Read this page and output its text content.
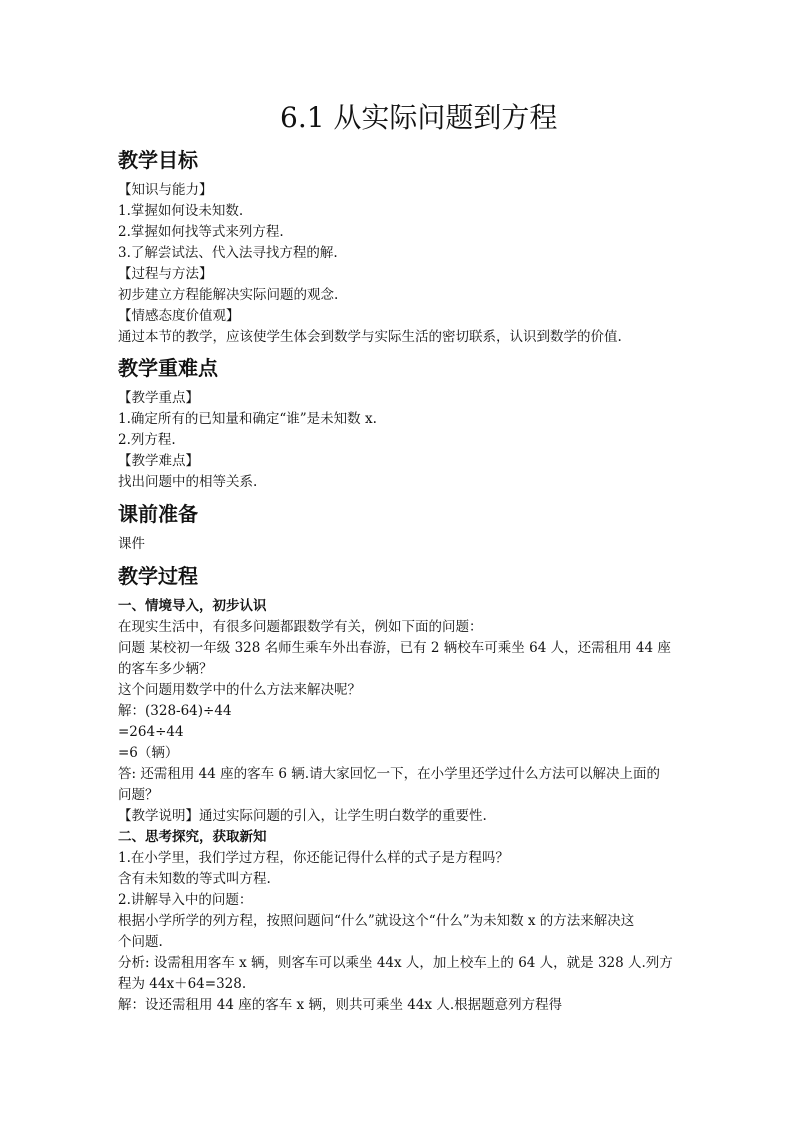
6.1 从实际问题到方程
教学目标

【知识与能力】

1.掌握如何设未知数.

2.掌握如何找等式来列方程.

3.了解尝试法、代入法寻找方程的解.

【过程与方法】

初步建立方程能解决实际问题的观念.

【情感态度价值观】

通过本节的教学，应该使学生体会到数学与实际生活的密切联系，认识到数学的价值.

教学重难点

【教学重点】

1.确定所有的已知量和确定“谁”是未知数 x.

2.列方程.

【教学难点】

找出问题中的相等关系.

课前准备

课件

教学过程

一、情境导入，初步认识

在现实生活中，有很多问题都跟数学有关，例如下面的问题：

问题 某校初一年级 328 名师生乘车外出春游，已有 2 辆校车可乘坐 64 人，还需租用 44 座

的客车多少辆？

这个问题用数学中的什么方法来解决呢？

解：(328-64)÷44

=264÷44

=6（辆）

答: 还需租用 44 座的客车 6 辆.请大家回忆一下，在小学里还学过什么方法可以解决上面的

问题？

【教学说明】通过实际问题的引入，让学生明白数学的重要性.

二、思考探究，获取新知

1.在小学里，我们学过方程，你还能记得什么样的式子是方程吗？

含有未知数的等式叫方程.

2.讲解导入中的问题：

根据小学所学的列方程，按照问题问“什么”就设这个“什么”为未知数 x 的方法来解决这

个问题.

分析: 设需租用客车 x 辆，则客车可以乘坐 44x 人，加上校车上的 64 人，就是 328 人.列方

程为 44x＋64=328.

解：设还需租用 44 座的客车 x 辆，则共可乘坐 44x 人.根据题意列方程得
